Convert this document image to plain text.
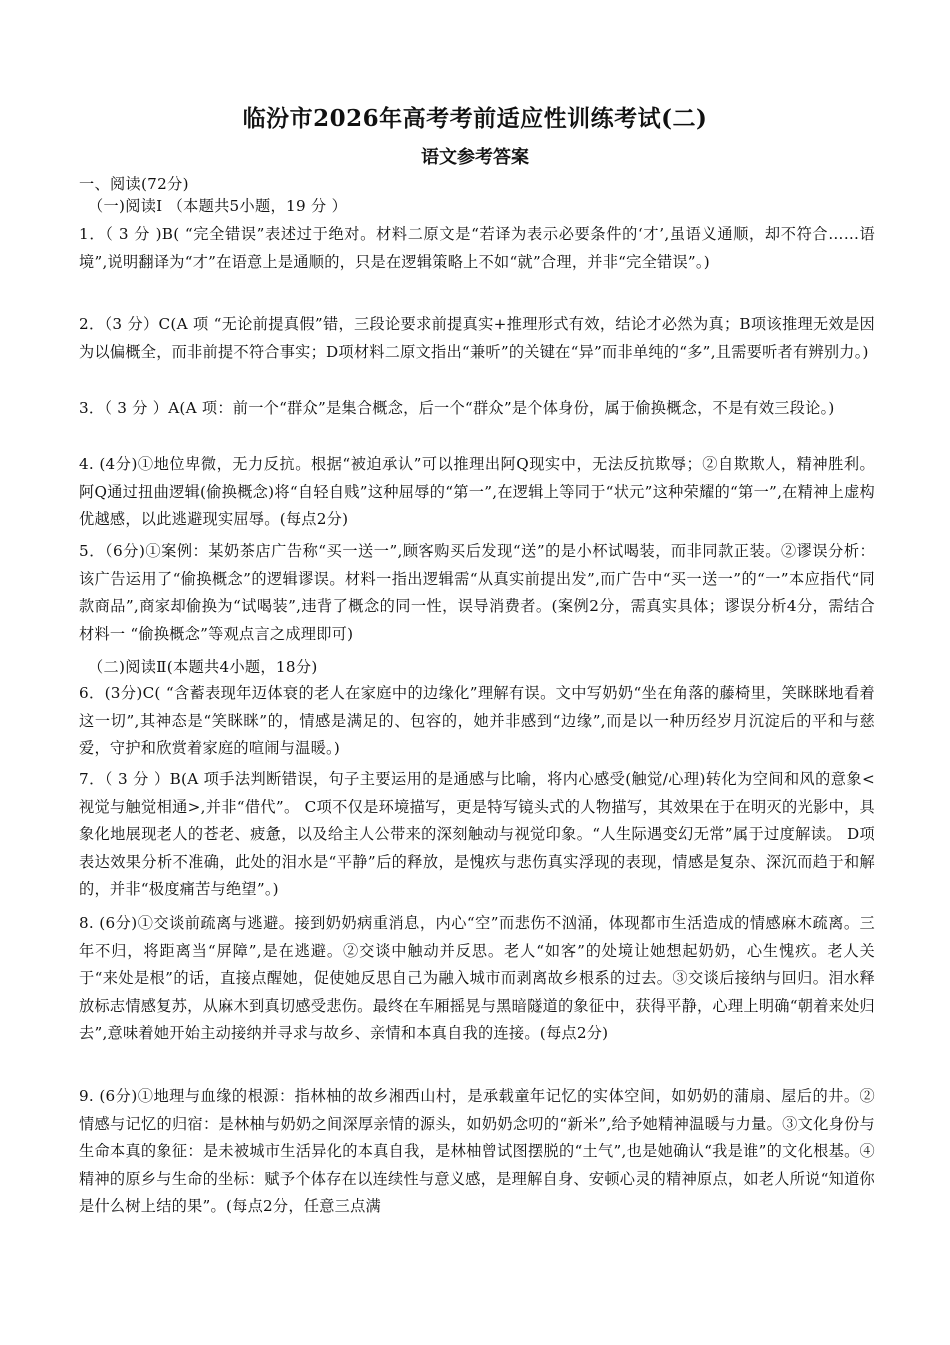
临汾市2026年高考考前适应性训练考试(二)
语文参考答案
一、阅读(72分)
（一)阅读I （本题共5小题，19 分 ）
1．（ 3 分 )B( “完全错误”表述过于绝对。材料二原文是“若译为表示必要条件的‘才’,虽语义通顺，却不符合……语境”,说明翻译为“才”在语意上是通顺的，只是在逻辑策略上不如“就”合理，并非“完全错误”。)
2．（3 分）C(A 项 “无论前提真假”错，三段论要求前提真实+推理形式有效，结论才必然为真；B项该推理无效是因为以偏概全，而非前提不符合事实；D项材料二原文指出“兼听”的关键在“异”而非单纯的“多”,且需要听者有辨别力。)
3．（ 3 分 ）A(A 项：前一个“群众”是集合概念，后一个“群众”是个体身份，属于偷换概念，不是有效三段论。)
4. (4分)①地位卑微，无力反抗。根据“被迫承认”可以推理出阿Q现实中，无法反抗欺辱；②自欺欺人，精神胜利。阿Q通过扭曲逻辑(偷换概念)将“自轻自贱”这种屈辱的“第一”,在逻辑上等同于“状元”这种荣耀的“第一”,在精神上虚构优越感，以此逃避现实屈辱。(每点2分)
5．（6分)①案例：某奶茶店广告称“买一送一”,顾客购买后发现“送”的是小杯试喝装，而非同款正装。②谬误分析：该广告运用了“偷换概念”的逻辑谬误。材料一指出逻辑需“从真实前提出发”,而广告中“买一送一”的“一”本应指代“同款商品”,商家却偷换为“试喝装”,违背了概念的同一性，误导消费者。(案例2分，需真实具体；谬误分析4分，需结合材料一 “偷换概念”等观点言之成理即可)
（二)阅读Ⅱ(本题共4小题，18分)
6．(3分)C( “含蓄表现年迈体衰的老人在家庭中的边缘化”理解有误。文中写奶奶“坐在角落的藤椅里，笑眯眯地看着这一切”,其神态是“笑眯眯”的，情感是满足的、包容的，她并非感到“边缘”,而是以一种历经岁月沉淀后的平和与慈爱，守护和欣赏着家庭的喧闹与温暖。)
7．（ 3 分 ）B(A 项手法判断错误，句子主要运用的是通感与比喻，将内心感受(触觉/心理)转化为空间和风的意象<视觉与触觉相通>,并非“借代”。 C项不仅是环境描写，更是特写镜头式的人物描写，其效果在于在明灭的光影中，具象化地展现老人的苍老、疲惫，以及给主人公带来的深刻触动与视觉印象。“人生际遇变幻无常”属于过度解读。 D项表达效果分析不准确，此处的泪水是“平静”后的释放，是愧疚与悲伤真实浮现的表现，情感是复杂、深沉而趋于和解的，并非“极度痛苦与绝望”。)
8. (6分)①交谈前疏离与逃避。接到奶奶病重消息，内心“空”而悲伤不汹涌，体现都市生活造成的情感麻木疏离。三年不归，将距离当“屏障”,是在逃避。②交谈中触动并反思。老人“如客”的处境让她想起奶奶，心生愧疚。老人关于“来处是根”的话，直接点醒她，促使她反思自己为融入城市而剥离故乡根系的过去。③交谈后接纳与回归。泪水释放标志情感复苏，从麻木到真切感受悲伤。最终在车厢摇晃与黑暗隧道的象征中，获得平静，心理上明确“朝着来处归去”,意味着她开始主动接纳并寻求与故乡、亲情和本真自我的连接。(每点2分)
9. (6分)①地理与血缘的根源：指林柚的故乡湘西山村，是承载童年记忆的实体空间，如奶奶的蒲扇、屋后的井。②情感与记忆的归宿：是林柚与奶奶之间深厚亲情的源头，如奶奶念叨的“新米”,给予她精神温暖与力量。③文化身份与生命本真的象征：是未被城市生活异化的本真自我，是林柚曾试图摆脱的“土气”,也是她确认“我是谁”的文化根基。④精神的原乡与生命的坐标：赋予个体存在以连续性与意义感，是理解自身、安顿心灵的精神原点，如老人所说“知道你是什么树上结的果”。(每点2分，任意三点满
